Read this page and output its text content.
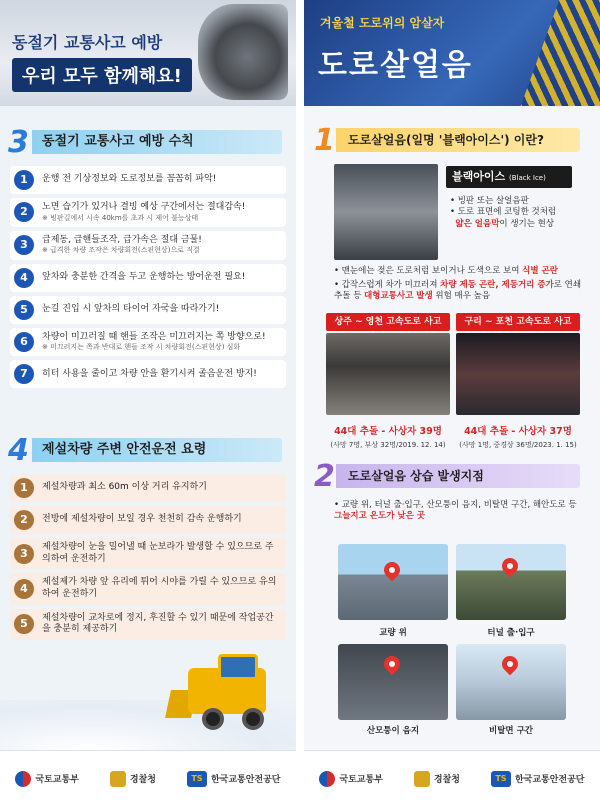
동절기 교통사고 예방
우리 모두 함께해요!
3	동절기 교통사고 예방 수칙
1	운행 전 기상정보와 도로정보를 꼼꼼히 파악!
2	노면 습기가 있거나 결빙 예상 구간에서는 절대감속!
※ 빙판길에서 시속 40km를 초과 시 제어 불능상태
3	급제동, 급핸들조작, 급가속은 절대 금물!
※ 급격한 차량 조작은 차량회전(스핀현상)으로 직결
4	앞차와 충분한 간격을 두고 운행하는 방어운전 필요!
5	눈길 진입 시 앞차의 타이어 자국을 따라가기!
6	차량이 미끄러질 때 핸들 조작은 미끄러지는 쪽 방향으로!
※ 미끄러지는 쪽과 반대로 핸들 조작 시 차량회전(스핀현상) 심화
7	히터 사용을 줄이고 차량 안을 환기시켜 졸음운전 방지!
4	제설차량 주변 안전운전 요령
1	제설차량과 최소 60m 이상 거리 유지하기
2	전방에 제설차량이 보일 경우 천천히 감속 운행하기
3	제설차량이 눈을 밀어낼 때 눈보라가 발생할 수 있으므로 주의하여 운전하기
4	제설제가 차량 앞 유리에 튀어 시야를 가릴 수 있으므로 유의하여 운전하기
5	제설차량이 교차로에 정지, 후진할 수 있기 때문에 작업공간을 충분히 제공하기
국토교통부	경찰청	TS 한국교통안전공단
겨울철 도로위의 암살자
도로살얼음
1	도로살얼음(일명 '블랙아이스') 이란?
블랙아이스 (Black Ice)
• 빙판 또는 살얼음판
• 도로 표면에 코팅한 것처럼
얇은 얼음막이 생기는 현상
• 맨눈에는 젖은 도로처럼 보이거나 도색으로 보여 식별 곤란
• 갑작스럽게 차가 미끄러져 차량 제동 곤란, 제동거리 증가로 연쇄 추돌 등 대형교통사고 발생 위험 매우 높음
상주 ~ 영천 고속도로 사고
44대 추돌 - 사상자 39명
(사망 7명, 부상 32명/2019. 12. 14)
구리 ~ 포천 고속도로 사고
44대 추돌 - 사상자 37명
(사망 1명, 중경상 36명/2023. 1. 15)
2	도로살얼음 상습 발생지점
• 교량 위, 터널 출·입구, 산모퉁이 음지, 비탈면 구간, 해안도로 등 그늘지고 온도가 낮은 곳
교량 위	터널 출·입구
산모퉁이 음지	비탈면 구간
국토교통부	경찰청	TS 한국교통안전공단
